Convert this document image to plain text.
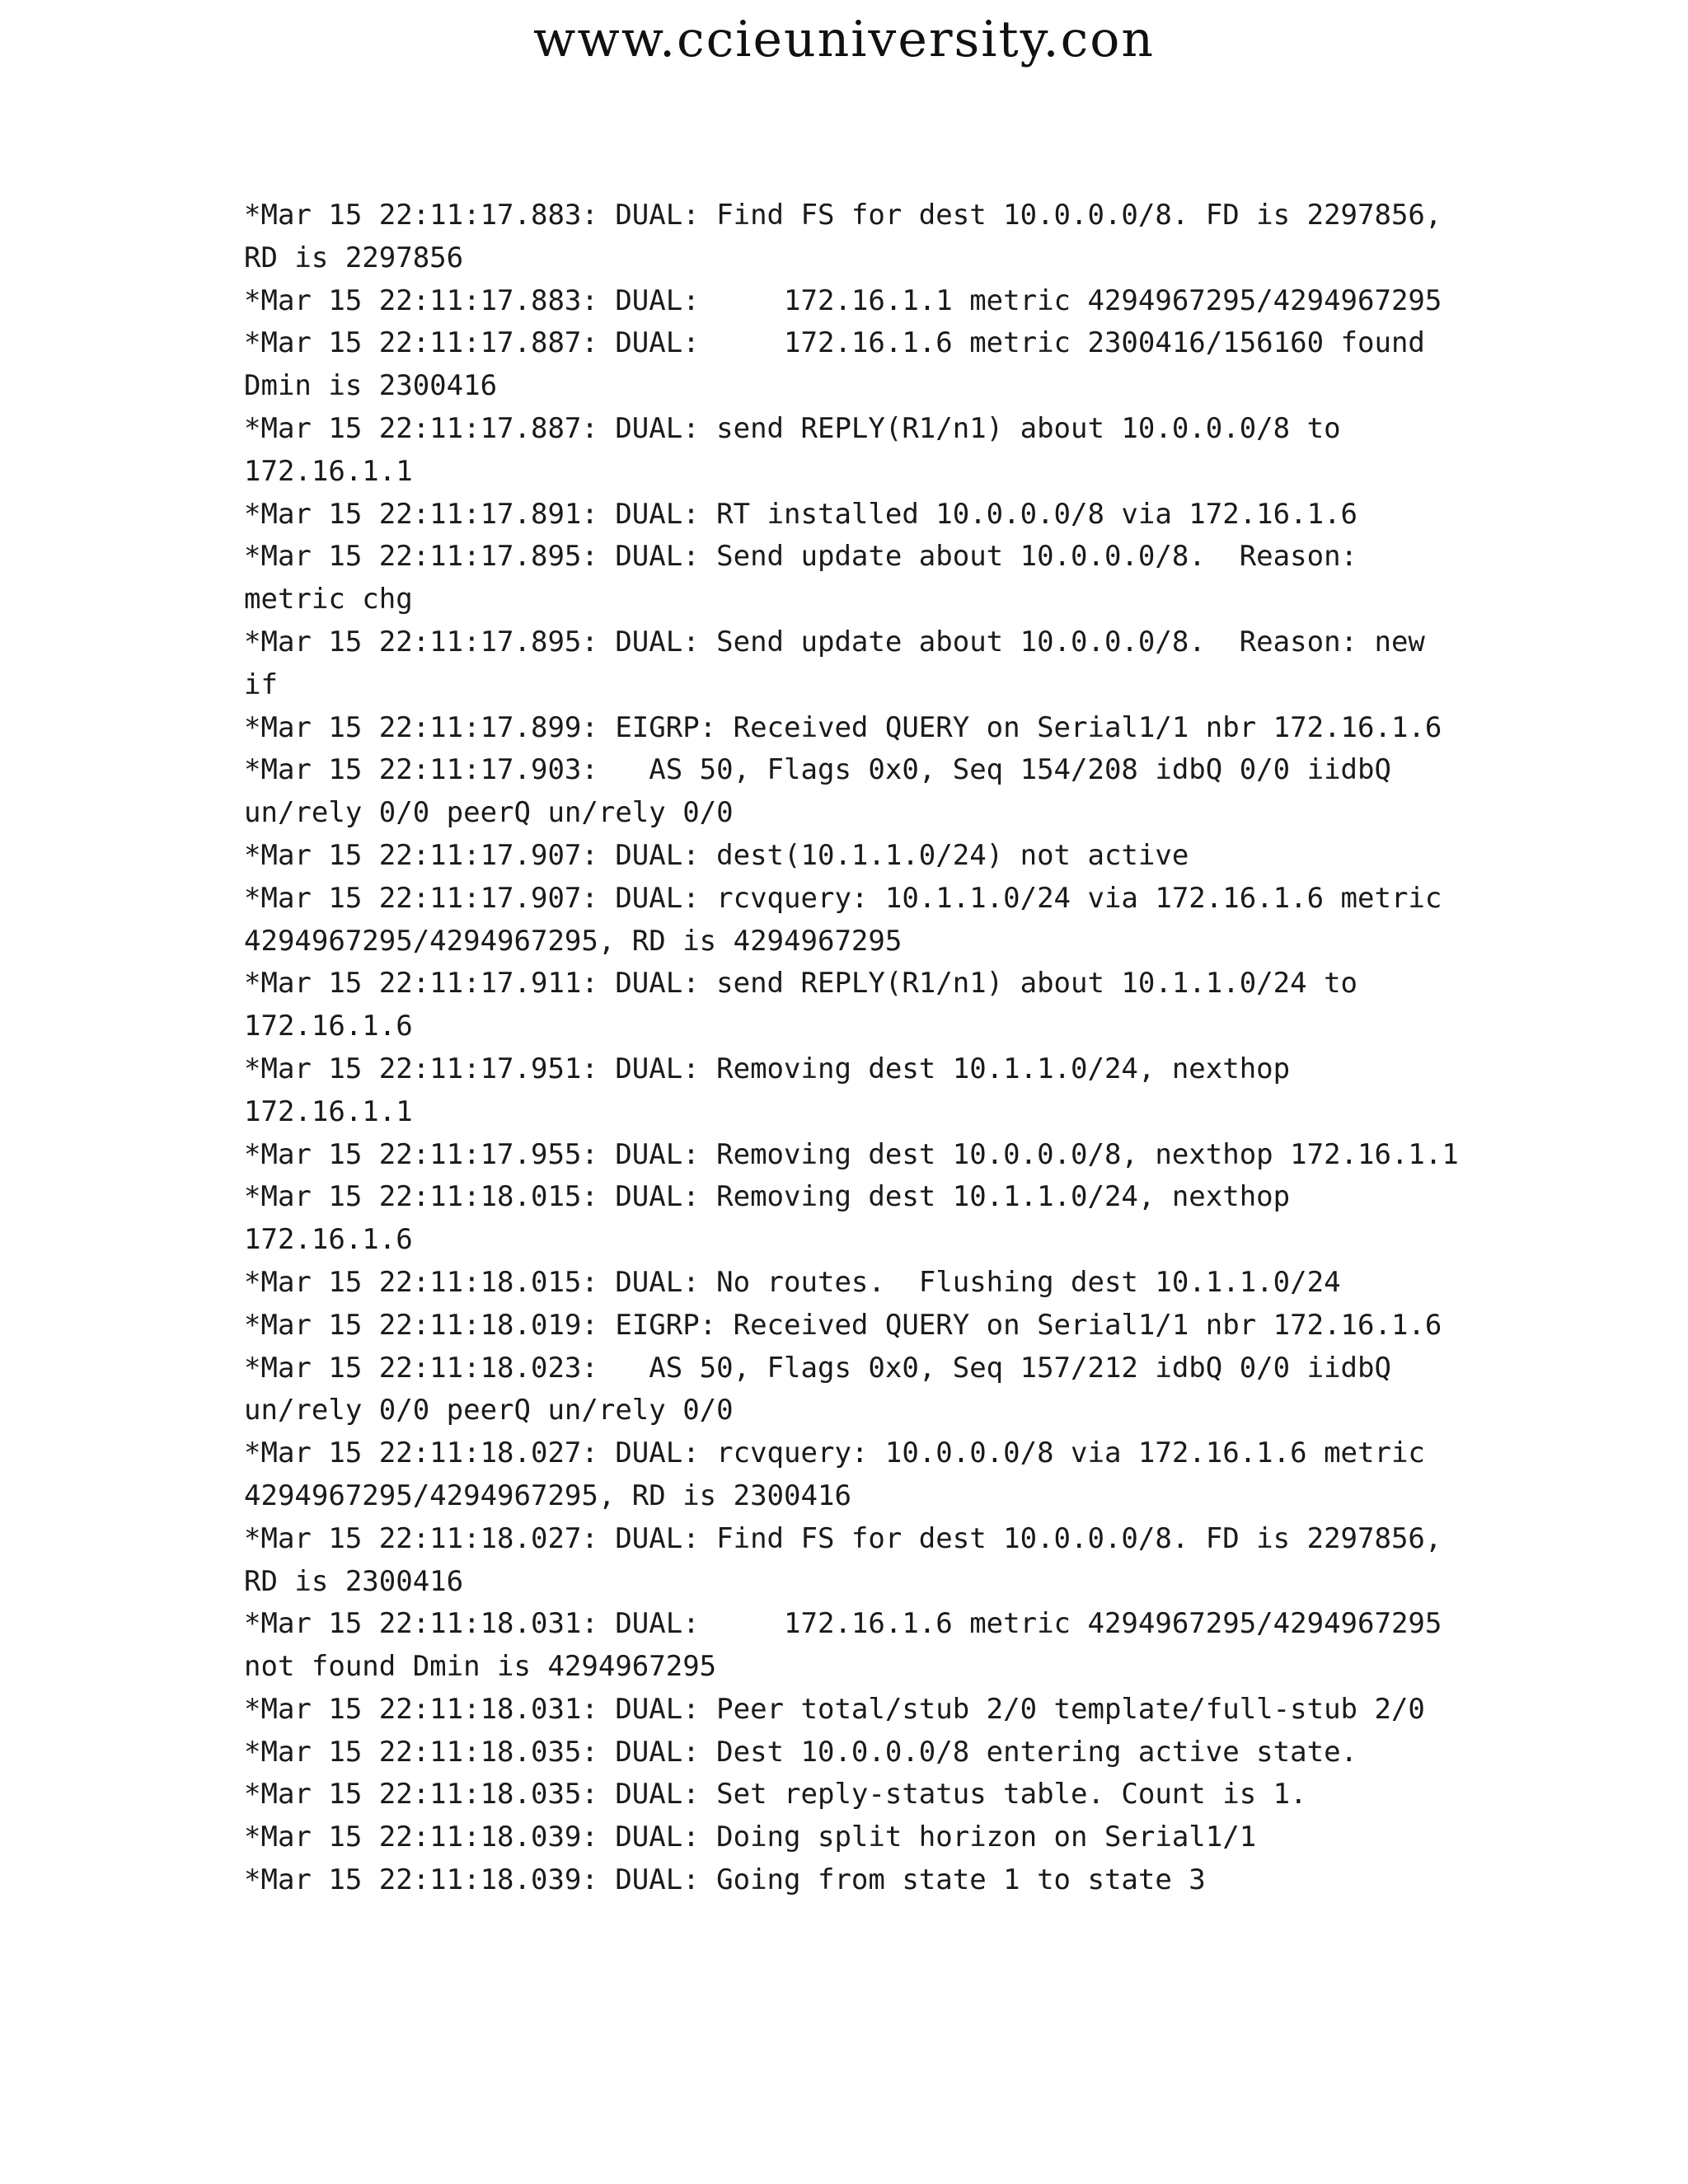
www.ccieuniversity.con
*Mar 15 22:11:17.883: DUAL: Find FS for dest 10.0.0.0/8. FD is 2297856,
RD is 2297856
*Mar 15 22:11:17.883: DUAL:     172.16.1.1 metric 4294967295/4294967295
*Mar 15 22:11:17.887: DUAL:     172.16.1.6 metric 2300416/156160 found
Dmin is 2300416
*Mar 15 22:11:17.887: DUAL: send REPLY(R1/n1) about 10.0.0.0/8 to
172.16.1.1
*Mar 15 22:11:17.891: DUAL: RT installed 10.0.0.0/8 via 172.16.1.6
*Mar 15 22:11:17.895: DUAL: Send update about 10.0.0.0/8.  Reason:
metric chg
*Mar 15 22:11:17.895: DUAL: Send update about 10.0.0.0/8.  Reason: new
if
*Mar 15 22:11:17.899: EIGRP: Received QUERY on Serial1/1 nbr 172.16.1.6
*Mar 15 22:11:17.903:   AS 50, Flags 0x0, Seq 154/208 idbQ 0/0 iidbQ
un/rely 0/0 peerQ un/rely 0/0
*Mar 15 22:11:17.907: DUAL: dest(10.1.1.0/24) not active
*Mar 15 22:11:17.907: DUAL: rcvquery: 10.1.1.0/24 via 172.16.1.6 metric
4294967295/4294967295, RD is 4294967295
*Mar 15 22:11:17.911: DUAL: send REPLY(R1/n1) about 10.1.1.0/24 to
172.16.1.6
*Mar 15 22:11:17.951: DUAL: Removing dest 10.1.1.0/24, nexthop
172.16.1.1
*Mar 15 22:11:17.955: DUAL: Removing dest 10.0.0.0/8, nexthop 172.16.1.1
*Mar 15 22:11:18.015: DUAL: Removing dest 10.1.1.0/24, nexthop
172.16.1.6
*Mar 15 22:11:18.015: DUAL: No routes.  Flushing dest 10.1.1.0/24
*Mar 15 22:11:18.019: EIGRP: Received QUERY on Serial1/1 nbr 172.16.1.6
*Mar 15 22:11:18.023:   AS 50, Flags 0x0, Seq 157/212 idbQ 0/0 iidbQ
un/rely 0/0 peerQ un/rely 0/0
*Mar 15 22:11:18.027: DUAL: rcvquery: 10.0.0.0/8 via 172.16.1.6 metric
4294967295/4294967295, RD is 2300416
*Mar 15 22:11:18.027: DUAL: Find FS for dest 10.0.0.0/8. FD is 2297856,
RD is 2300416
*Mar 15 22:11:18.031: DUAL:     172.16.1.6 metric 4294967295/4294967295
not found Dmin is 4294967295
*Mar 15 22:11:18.031: DUAL: Peer total/stub 2/0 template/full-stub 2/0
*Mar 15 22:11:18.035: DUAL: Dest 10.0.0.0/8 entering active state.
*Mar 15 22:11:18.035: DUAL: Set reply-status table. Count is 1.
*Mar 15 22:11:18.039: DUAL: Doing split horizon on Serial1/1
*Mar 15 22:11:18.039: DUAL: Going from state 1 to state 3
